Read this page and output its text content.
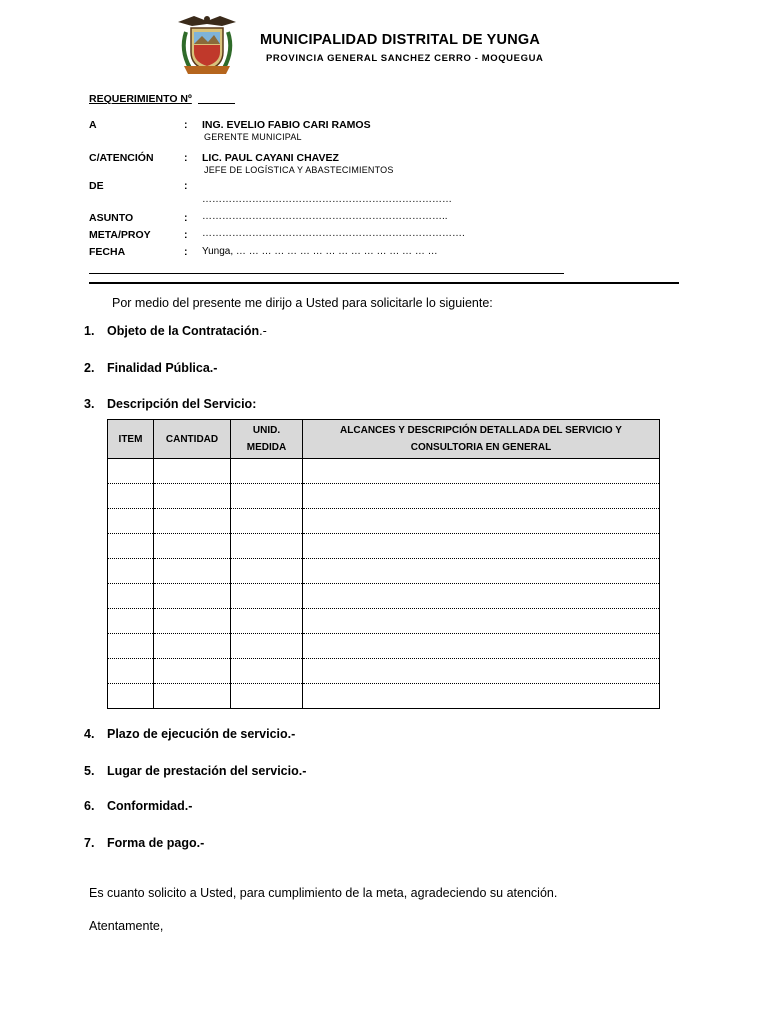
MUNICIPALIDAD DISTRITAL DE YUNGA
PROVINCIA GENERAL SANCHEZ CERRO - MOQUEGUA
REQUERIMIENTO Nº
A	: ING. EVELIO FABIO CARI RAMOS
GERENTE MUNICIPAL
C/ATENCIÓN	: LIC. PAUL CAYANI CHAVEZ
JEFE DE LOGÍSTICA Y ABASTECIMIENTOS
DE	:
…………………………………………………………………
ASUNTO	: ………………………………………………………………..
META/PROY	: …………………………………………………………………….
FECHA	: Yunga, … … … … … … … … … … … … … … … …
Por medio del presente me dirijo a Usted para solicitarle lo siguiente:
1. Objeto de la Contratación.-
2. Finalidad Pública.-
3. Descripción del Servicio:
ITEM	CANTIDAD	UNID. MEDIDA	ALCANCES Y DESCRIPCIÓN DETALLADA DEL SERVICIO Y CONSULTORIA EN GENERAL

4. Plazo de ejecución de servicio.-
5. Lugar de prestación del servicio.-
6. Conformidad.-
7. Forma de pago.-
Es cuanto solicito a Usted, para cumplimiento de la meta, agradeciendo su atención.
Atentamente,
